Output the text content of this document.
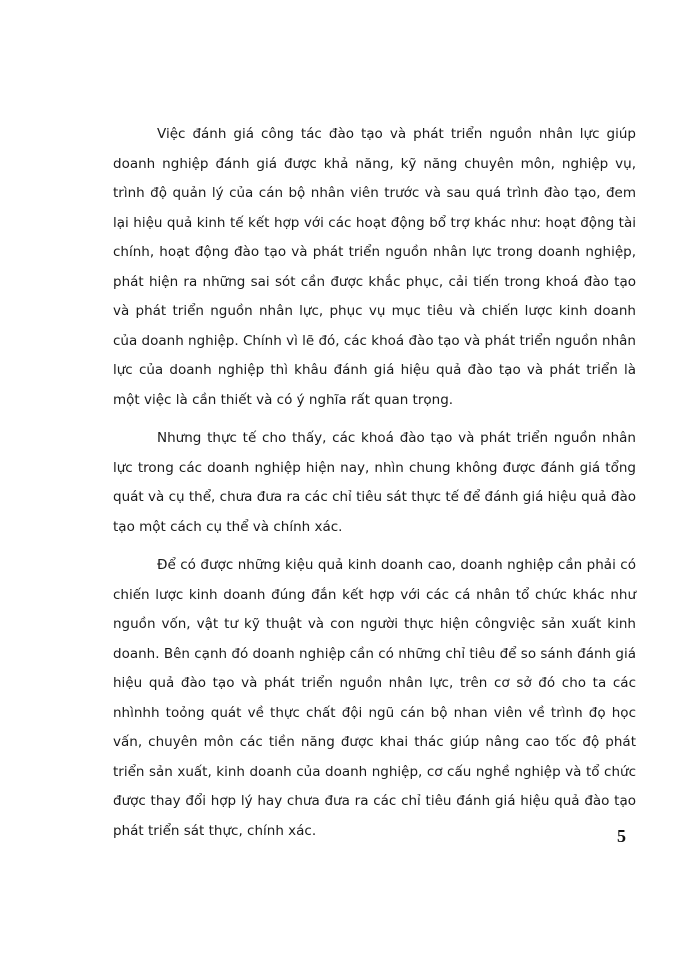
Việc đánh giá công tác đào tạo và phát triển nguồn nhân lực giúp doanh nghiệp đánh giá được khả năng, kỹ năng chuyên môn, nghiệp vụ, trình độ quản lý của cán bộ nhân viên trước và sau quá trình đào tạo, đem lại hiệu quả kinh tế kết hợp với các hoạt động bổ trợ khác như: hoạt động tài chính, hoạt động đào tạo và phát triển nguồn nhân lực trong doanh nghiệp, phát hiện ra những sai sót cần được khắc phục, cải tiến trong khoá đào tạo và phát triển nguồn nhân lực, phục vụ mục tiêu và chiến lược kinh doanh của doanh nghiệp. Chính vì lẽ đó, các khoá đào tạo và phát triển nguồn nhân lực của doanh nghiệp thì khâu đánh giá hiệu quả đào tạo và phát triển là một việc là cần thiết và có ý nghĩa rất quan trọng.

Nhưng thực tế cho thấy, các khoá đào tạo và phát triển nguồn nhân lực trong các doanh nghiệp hiện nay, nhìn chung không được đánh giá tổng quát và cụ thể, chưa đưa ra các chỉ tiêu sát thực tế để đánh giá hiệu quả đào tạo một cách cụ thể và chính xác.

Để có được những kiệu quả kinh doanh cao, doanh nghiệp cần phải có chiến lược kinh doanh đúng đắn kết hợp với các cá nhân tổ chức khác như nguồn vốn, vật tư kỹ thuật và con người thực hiện côngviệc sản xuất kinh doanh. Bên cạnh đó doanh nghiệp cần có những chỉ tiêu để so sánh đánh giá hiệu quả đào tạo và phát triển nguồn nhân lực, trên cơ sở đó cho ta các nhìnhh toỏng quát về thực chất đội ngũ cán bộ nhan viên về trình đọ học vấn, chuyên môn các tiền năng được khai thác giúp nâng cao tốc độ phát triển sản xuất, kinh doanh của doanh nghiệp, cơ cấu nghề nghiệp và tổ chức được thay đổi hợp lý hay chưa đưa ra các chỉ tiêu đánh giá hiệu quả đào tạo phát triển sát thực, chính xác.	5
